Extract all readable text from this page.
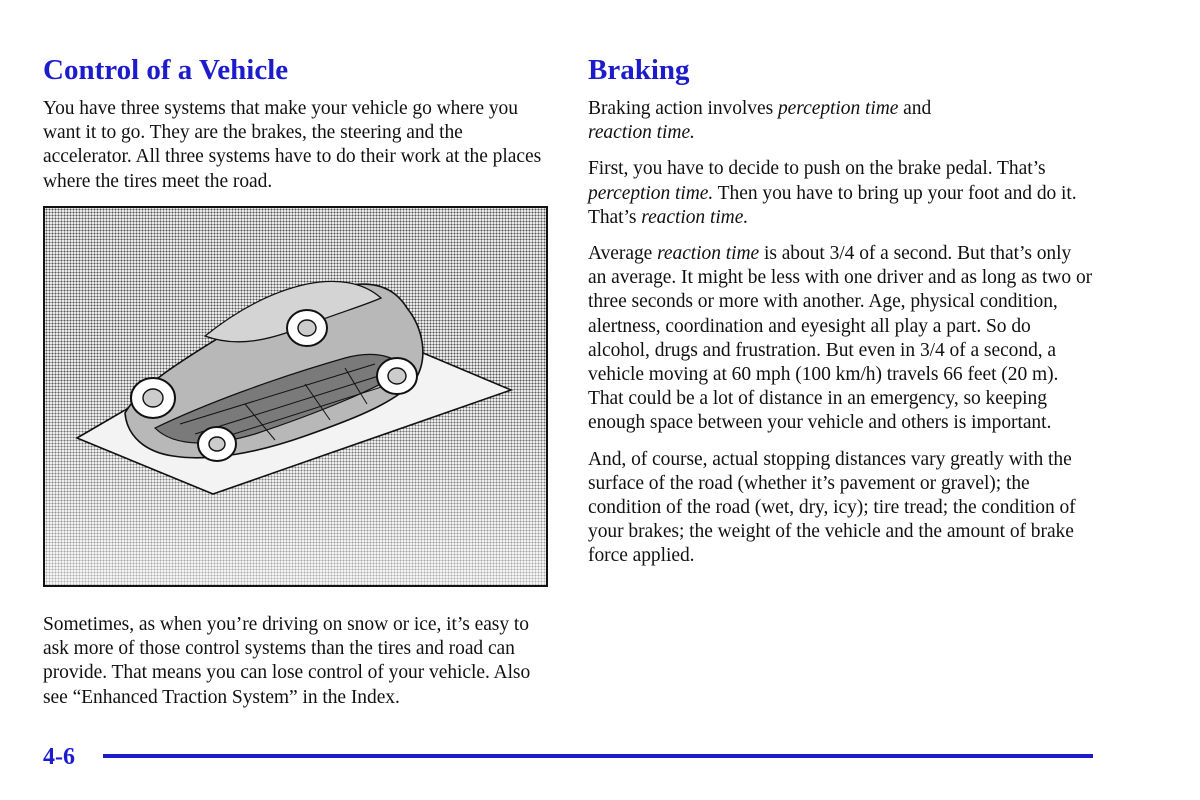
Control of a Vehicle

You have three systems that make your vehicle go where you want it to go. They are the brakes, the steering and the accelerator. All three systems have to do their work at the places where the tires meet the road.

Sometimes, as when you’re driving on snow or ice, it’s easy to ask more of those control systems than the tires and road can provide. That means you can lose control of your vehicle. Also see “Enhanced Traction System” in the Index.

Braking

Braking action involves perception time and
reaction time.

First, you have to decide to push on the brake pedal. That’s perception time. Then you have to bring up your foot and do it. That’s reaction time.

Average reaction time is about 3/4 of a second. But that’s only an average. It might be less with one driver and as long as two or three seconds or more with another. Age, physical condition, alertness, coordination and eyesight all play a part. So do alcohol, drugs and frustration. But even in 3/4 of a second, a vehicle moving at 60 mph (100 km/h) travels 66 feet (20 m). That could be a lot of distance in an emergency, so keeping enough space between your vehicle and others is important.

And, of course, actual stopping distances vary greatly with the surface of the road (whether it’s pavement or gravel); the condition of the road (wet, dry, icy); tire tread; the condition of your brakes; the weight of the vehicle and the amount of brake force applied.

4-6
